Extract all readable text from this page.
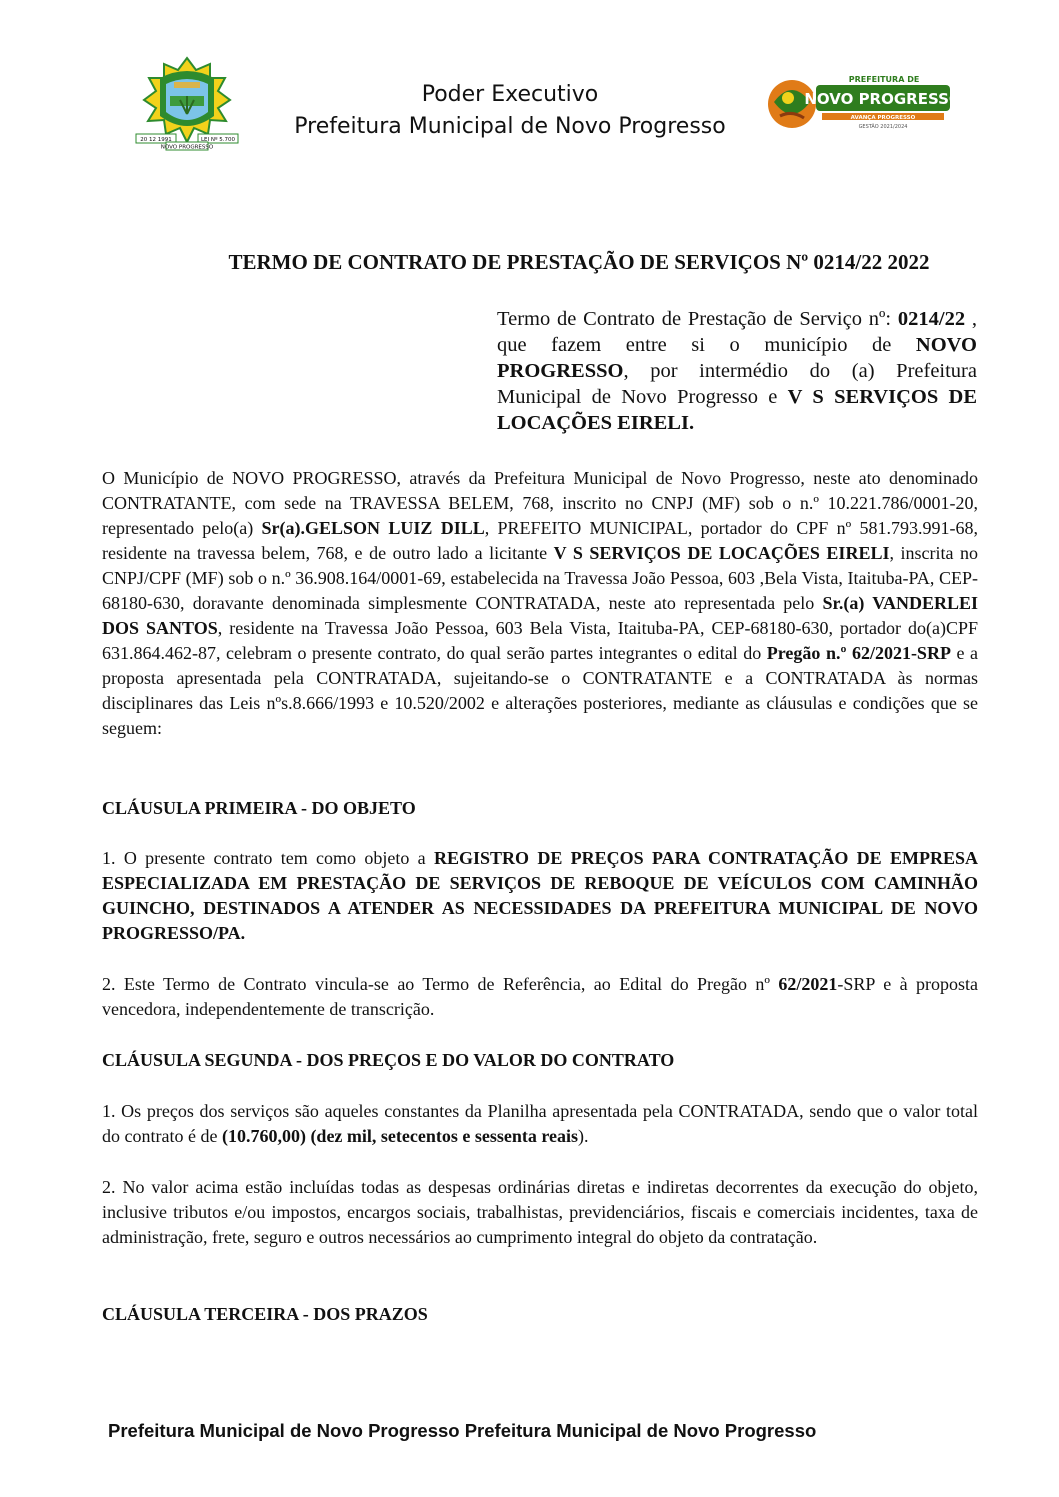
20 12 1991	LEI Nº 5.700
NOVO PROGRESSO
Poder Executivo
Prefeitura Municipal de Novo Progresso
PREFEITURA DE
NOVO PROGRESSO
AVANÇA PROGRESSO
GESTÃO 2021/2024
TERMO DE CONTRATO DE PRESTAÇÃO DE SERVIÇOS Nº 0214/22 2022
Termo de Contrato de Prestação de Serviço nº: 0214/22 , que fazem entre si o município de NOVO PROGRESSO, por intermédio do (a) Prefeitura Municipal de Novo Progresso e V S SERVIÇOS DE LOCAÇÕES EIRELI.
O Município de NOVO PROGRESSO, através da Prefeitura Municipal de Novo Progresso, neste ato denominado CONTRATANTE, com sede na TRAVESSA BELEM, 768, inscrito no CNPJ (MF) sob o n.º 10.221.786/0001-20, representado pelo(a) Sr(a).GELSON LUIZ DILL, PREFEITO MUNICIPAL, portador do CPF nº 581.793.991-68, residente na travessa belem, 768, e de outro lado a licitante V S SERVIÇOS DE LOCAÇÕES EIRELI, inscrita no CNPJ/CPF (MF) sob o n.º 36.908.164/0001-69, estabelecida na Travessa João Pessoa, 603 ,Bela Vista, Itaituba-PA, CEP-68180-630, doravante denominada simplesmente CONTRATADA, neste ato representada pelo Sr.(a) VANDERLEI DOS SANTOS, residente na Travessa João Pessoa, 603 Bela Vista, Itaituba-PA, CEP-68180-630, portador do(a)CPF 631.864.462-87, celebram o presente contrato, do qual serão partes integrantes o edital do Pregão n.º 62/2021-SRP e a proposta apresentada pela CONTRATADA, sujeitando-se o CONTRATANTE e a CONTRATADA às normas disciplinares das Leis nºs.8.666/1993 e 10.520/2002 e alterações posteriores, mediante as cláusulas e condições que se seguem:
CLÁUSULA PRIMEIRA - DO OBJETO
1. O presente contrato tem como objeto a REGISTRO DE PREÇOS PARA CONTRATAÇÃO DE EMPRESA ESPECIALIZADA EM PRESTAÇÃO DE SERVIÇOS DE REBOQUE DE VEÍCULOS COM CAMINHÃO GUINCHO, DESTINADOS A ATENDER AS NECESSIDADES DA PREFEITURA MUNICIPAL DE NOVO PROGRESSO/PA.
2. Este Termo de Contrato vincula-se ao Termo de Referência, ao Edital do Pregão nº 62/2021-SRP e à proposta vencedora, independentemente de transcrição.
CLÁUSULA SEGUNDA - DOS PREÇOS E DO VALOR DO CONTRATO
1. Os preços dos serviços são aqueles constantes da Planilha apresentada pela CONTRATADA, sendo que o valor total do contrato é de (10.760,00) (dez mil, setecentos e sessenta reais).
2. No valor acima estão incluídas todas as despesas ordinárias diretas e indiretas decorrentes da execução do objeto, inclusive tributos e/ou impostos, encargos sociais, trabalhistas, previdenciários, fiscais e comerciais incidentes, taxa de administração, frete, seguro e outros necessários ao cumprimento integral do objeto da contratação.
CLÁUSULA TERCEIRA - DOS PRAZOS
Prefeitura Municipal de Novo Progresso Prefeitura Municipal de Novo Progresso
